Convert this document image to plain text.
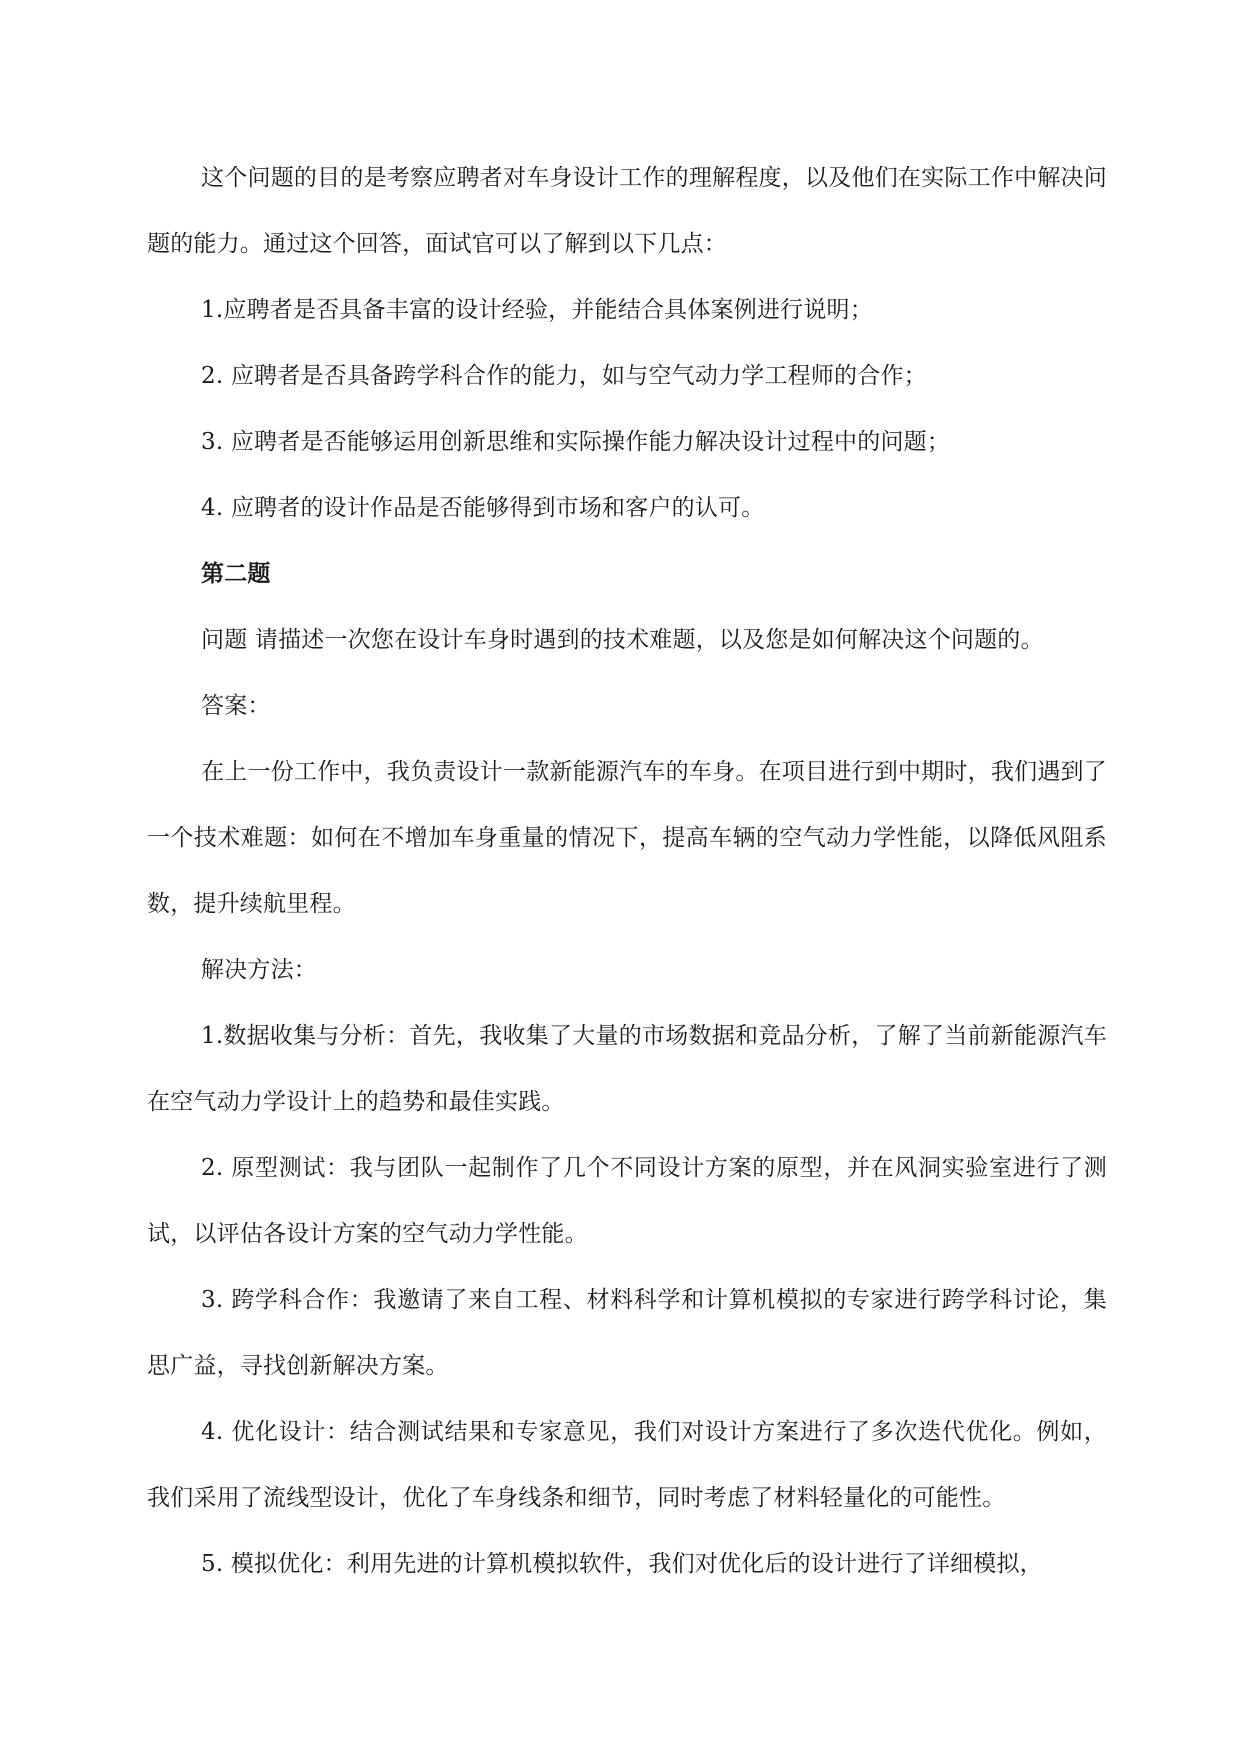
这个问题的目的是考察应聘者对车身设计工作的理解程度，以及他们在实际工作中解决问题的能力。通过这个回答，面试官可以了解到以下几点：

1.应聘者是否具备丰富的设计经验，并能结合具体案例进行说明；

2. 应聘者是否具备跨学科合作的能力，如与空气动力学工程师的合作；

3. 应聘者是否能够运用创新思维和实际操作能力解决设计过程中的问题；

4. 应聘者的设计作品是否能够得到市场和客户的认可。

第二题

问题 请描述一次您在设计车身时遇到的技术难题，以及您是如何解决这个问题的。

答案：

在上一份工作中，我负责设计一款新能源汽车的车身。在项目进行到中期时，我们遇到了一个技术难题：如何在不增加车身重量的情况下，提高车辆的空气动力学性能，以降低风阻系数，提升续航里程。

解决方法：

1.数据收集与分析：首先，我收集了大量的市场数据和竞品分析，了解了当前新能源汽车在空气动力学设计上的趋势和最佳实践。

2. 原型测试：我与团队一起制作了几个不同设计方案的原型，并在风洞实验室进行了测试，以评估各设计方案的空气动力学性能。

3. 跨学科合作：我邀请了来自工程、材料科学和计算机模拟的专家进行跨学科讨论，集思广益，寻找创新解决方案。

4. 优化设计：结合测试结果和专家意见，我们对设计方案进行了多次迭代优化。例如，我们采用了流线型设计，优化了车身线条和细节，同时考虑了材料轻量化的可能性。

5. 模拟优化：利用先进的计算机模拟软件，我们对优化后的设计进行了详细模拟，
